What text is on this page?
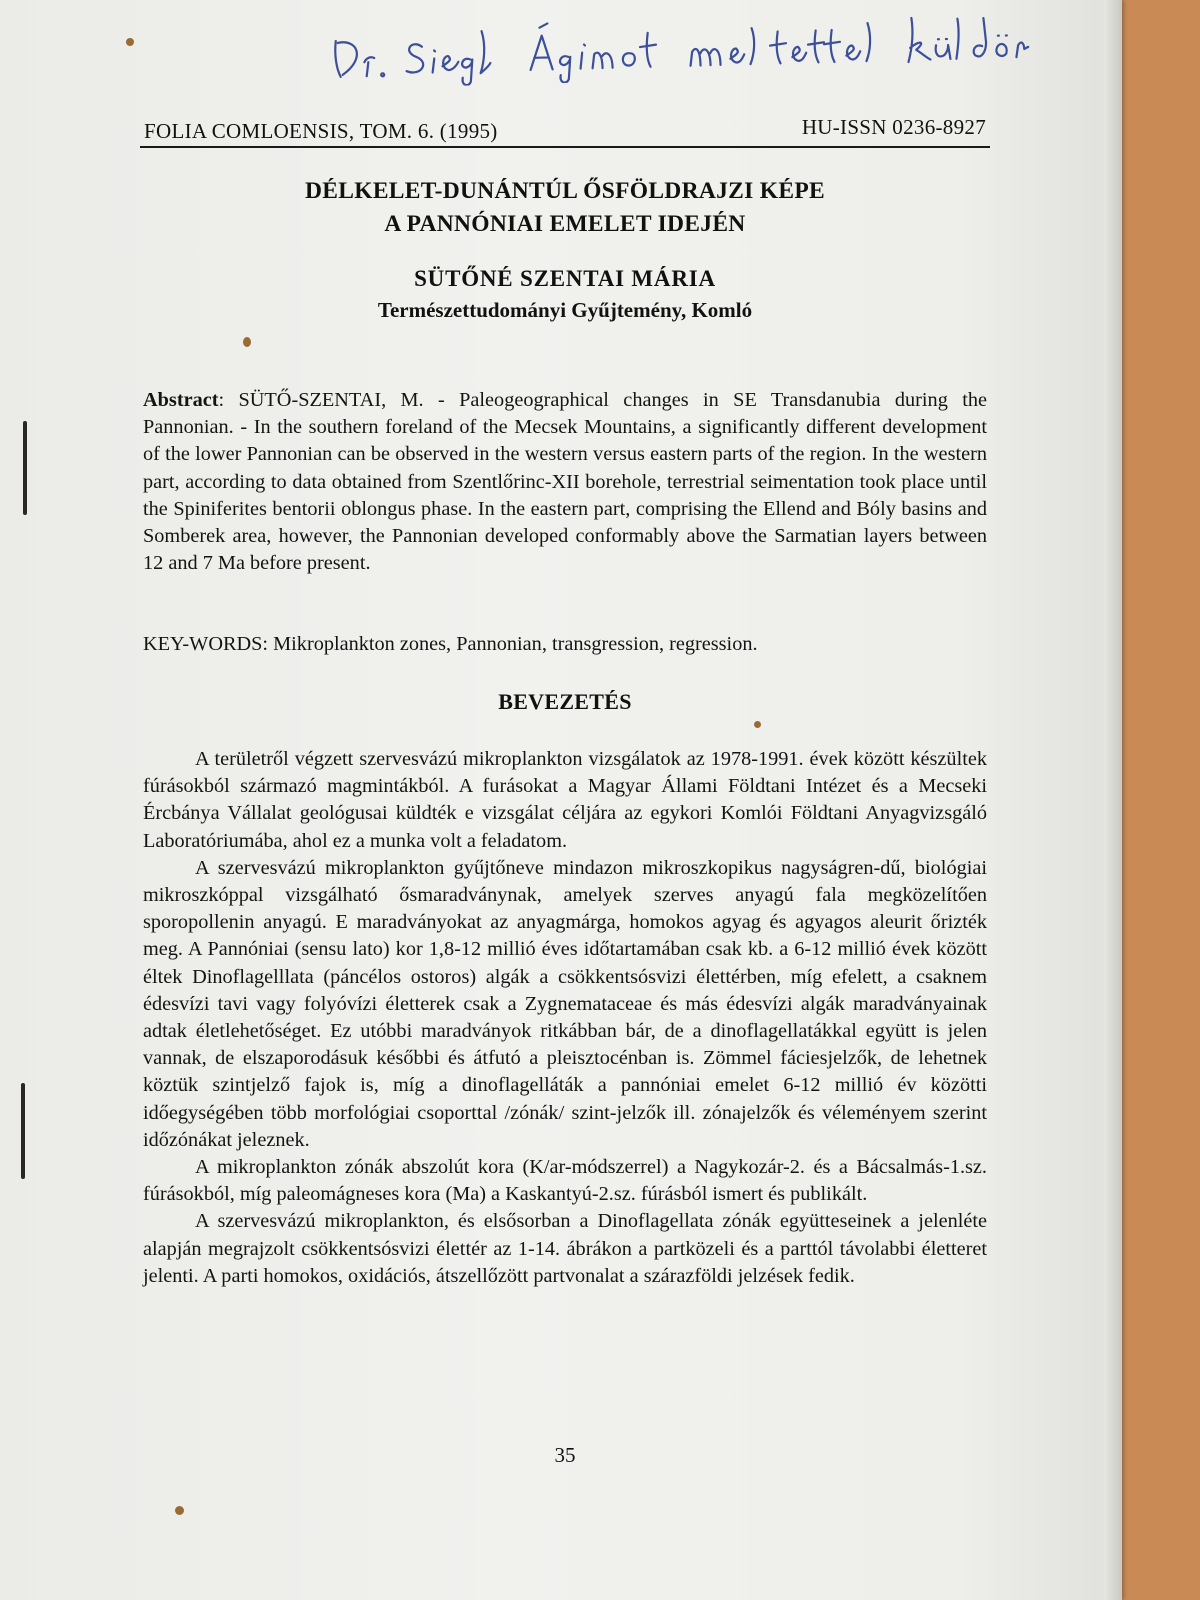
FOLIA COMLOENSIS, TOM. 6. (1995)	HU-ISSN 0236-8927
DÉLKELET-DUNÁNTÚL ŐSFÖLDRAJZI KÉPE
A PANNÓNIAI EMELET IDEJÉN
SÜTŐNÉ SZENTAI MÁRIA
Természettudományi Gyűjtemény, Komló
Abstract: SÜTŐ-SZENTAI, M. - Paleogeographical changes in SE Transdanubia during the Pannonian. - In the southern foreland of the Mecsek Mountains, a significantly different development of the lower Pannonian can be observed in the western versus eastern parts of the region. In the western part, according to data obtained from Szentlőrinc-XII borehole, terrestrial seimentation took place until the Spiniferites bentorii oblongus phase. In the eastern part, comprising the Ellend and Bóly basins and Somberek area, however, the Pannonian developed conformably above the Sarmatian layers between 12 and 7 Ma before present.
KEY-WORDS: Mikroplankton zones, Pannonian, transgression, regression.
BEVEZETÉS

A területről végzett szervesvázú mikroplankton vizsgálatok az 1978-1991. évek között készültek fúrásokból származó magmintákból. A furásokat a Magyar Állami Földtani Intézet és a Mecseki Ércbánya Vállalat geológusai küldték e vizsgálat céljára az egykori Komlói Földtani Anyagvizsgáló Laboratóriumába, ahol ez a munka volt a feladatom.

A szervesvázú mikroplankton gyűjtőneve mindazon mikroszkopikus nagyságren-dű, biológiai mikroszkóppal vizsgálható ősmaradványnak, amelyek szerves anyagú fala megközelítően sporopollenin anyagú. E maradványokat az anyagmárga, homokos agyag és agyagos aleurit őrizték meg. A Pannóniai (sensu lato) kor 1,8-12 millió éves időtartamában csak kb. a 6-12 millió évek között éltek Dinoflagelllata (páncélos ostoros) algák a csökkentsósvizi élettérben, míg efelett, a csaknem édesvízi tavi vagy folyóvízi életterek csak a Zygnemataceae és más édesvízi algák maradványainak adtak életlehetőséget. Ez utóbbi maradványok ritkábban bár, de a dinoflagellatákkal együtt is jelen vannak, de elszaporodásuk későbbi és átfutó a pleisztocénban is. Zömmel fáciesjelzők, de lehetnek köztük szintjelző fajok is, míg a dinoflagelláták a pannóniai emelet 6-12 millió év közötti időegységében több morfológiai csoporttal /zónák/ szint-jelzők ill. zónajelzők és véleményem szerint időzónákat jeleznek.

A mikroplankton zónák abszolút kora (K/ar-módszerrel) a Nagykozár-2. és a Bácsalmás-1.sz. fúrásokból, míg paleomágneses kora (Ma) a Kaskantyú-2.sz. fúrásból ismert és publikált.

A szervesvázú mikroplankton, és elsősorban a Dinoflagellata zónák együtteseinek a jelenléte alapján megrajzolt csökkentsósvizi élettér az 1-14. ábrákon a partközeli és a parttól távolabbi életteret jelenti. A parti homokos, oxidációs, átszellőzött partvonalat a szárazföldi jelzések fedik.

35
